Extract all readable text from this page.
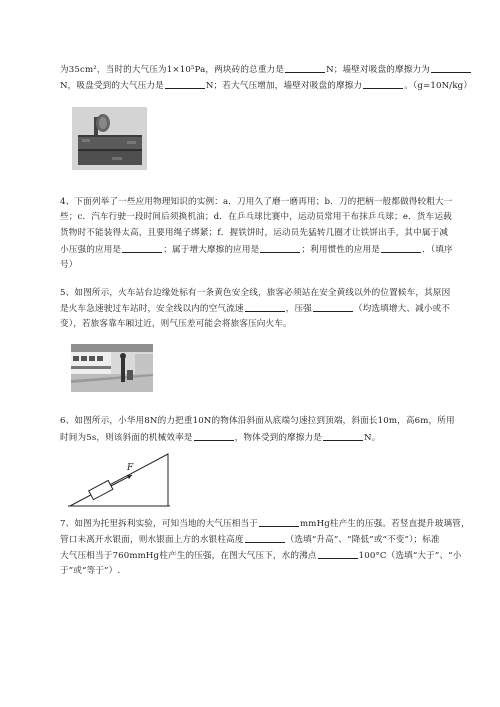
为35cm²，当时的大气压为1×10⁵Pa，两块砖的总重力是	N；墙壁对吸盘的摩擦力为
N，吸盘受到的大气压力是	N；若大气压增加，墙壁对吸盘的摩擦力	。（g=10N/kg）
4、下面列举了一些应用物理知识的实例：a．刀用久了磨一磨再用；b．刀的把柄一般都做得较粗大一
些；c．汽车行驶一段时间后须换机油；d．在乒乓球比赛中，运动员常用干布抹乒乓球；e．货车运载
货物时不能装得太高，且要用绳子绑紧；f．握铁饼时，运动员先猛转几圈才让铁饼出手，其中属于减
小压强的应用是	；属于增大摩擦的应用是	；利用惯性的应用是	．（填序
号）
5、如图所示，火车站台边缘处标有一条黄色安全线，旅客必须站在安全黄线以外的位置候车，其原因
是火车急速驶过车站时，安全线以内的空气流速	，压强	（均选填增大、减小或不
变），若旅客靠车厢过近，则气压差可能会将旅客压向火车。
6、如图所示，小华用8N的力把重10N的物体沿斜面从底端匀速拉到顶端，斜面长10m，高6m，所用
时间为5s，则该斜面的机械效率是	，物体受到的摩擦力是	N。
F
7、如图为托里拆利实验，可知当地的大气压相当于	mmHg柱产生的压强。若竖直提升玻璃管，
管口未离开水银面，则水银面上方的水银柱高度	（选填“升高”、“降低”或“不变”）；标准
大气压相当于760mmHg柱产生的压强，在图大气压下，水的沸点	100°C（选填“大于”、“小
于”或“等于”）.
